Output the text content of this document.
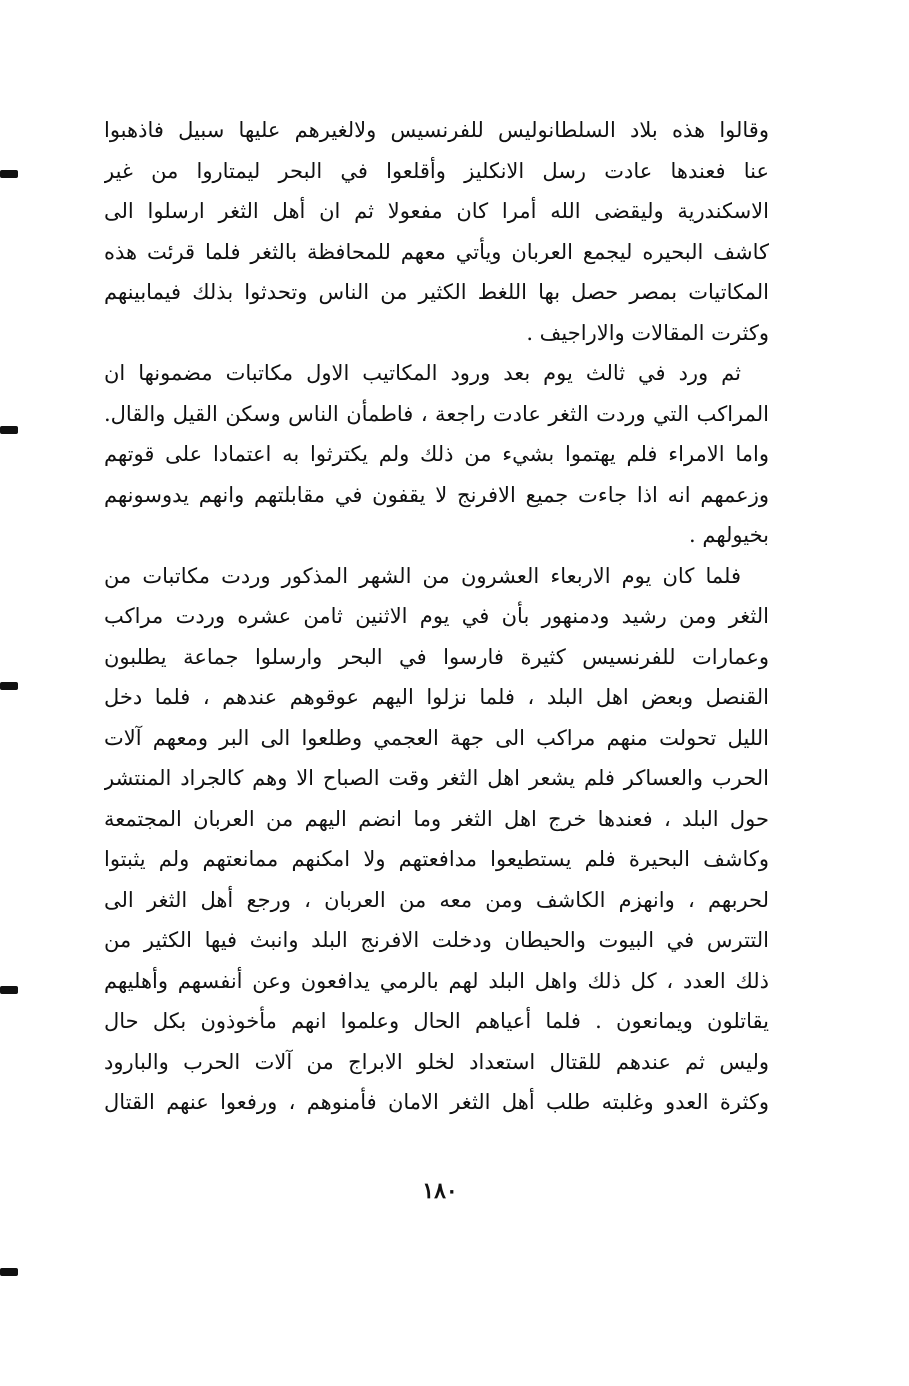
وقالوا هذه بلاد السلطانوليس للفرنسيس ولالغيرهم عليها سبيل فاذهبوا
عنا فعندها عادت رسل الانكليز وأقلعوا في البحر ليمتاروا من غير
الاسكندرية وليقضى الله أمرا كان مفعولا ثم ان أهل الثغر ارسلوا الى
كاشف البحيره ليجمع العربان ويأتي معهم للمحافظة بالثغر فلما قرئت هذه
المكاتيات بمصر حصل بها اللغط الكثير من الناس وتحدثوا بذلك فيمابينهم
وكثرت المقالات والاراجيف .
ثم ورد في ثالث يوم بعد ورود المكاتيب الاول مكاتبات مضمونها ان
المراكب التي وردت الثغر عادت راجعة ، فاطمأن الناس وسكن القيل والقال.
واما الامراء فلم يهتموا بشيء من ذلك ولم يكترثوا به اعتمادا على قوتهم
وزعمهم انه اذا جاءت جميع الافرنج لا يقفون في مقابلتهم وانهم يدوسونهم
بخيولهم .
فلما كان يوم الاربعاء العشرون من الشهر المذكور وردت مكاتبات من
الثغر ومن رشيد ودمنهور بأن في يوم الاثنين ثامن عشره وردت مراكب
وعمارات للفرنسيس كثيرة فارسوا في البحر وارسلوا جماعة يطلبون
القنصل وبعض اهل البلد ، فلما نزلوا اليهم عوقوهم عندهم ، فلما دخل
الليل تحولت منهم مراكب الى جهة العجمي وطلعوا الى البر ومعهم آلات
الحرب والعساكر فلم يشعر اهل الثغر وقت الصباح الا وهم كالجراد المنتشر
حول البلد ، فعندها خرج اهل الثغر وما انضم اليهم من العربان المجتمعة
وكاشف البحيرة فلم يستطيعوا مدافعتهم ولا امكنهم ممانعتهم ولم يثبتوا
لحربهم ، وانهزم الكاشف ومن معه من العربان ، ورجع أهل الثغر الى
التترس في البيوت والحيطان ودخلت الافرنج البلد وانبث فيها الكثير من
ذلك العدد ، كل ذلك واهل البلد لهم بالرمي يدافعون وعن أنفسهم وأهليهم
يقاتلون ويمانعون . فلما أعياهم الحال وعلموا انهم مأخوذون بكل حال
وليس ثم عندهم للقتال استعداد لخلو الابراج من آلات الحرب والبارود
وكثرة العدو وغلبته طلب أهل الثغر الامان فأمنوهم ، ورفعوا عنهم القتال
١٨٠
